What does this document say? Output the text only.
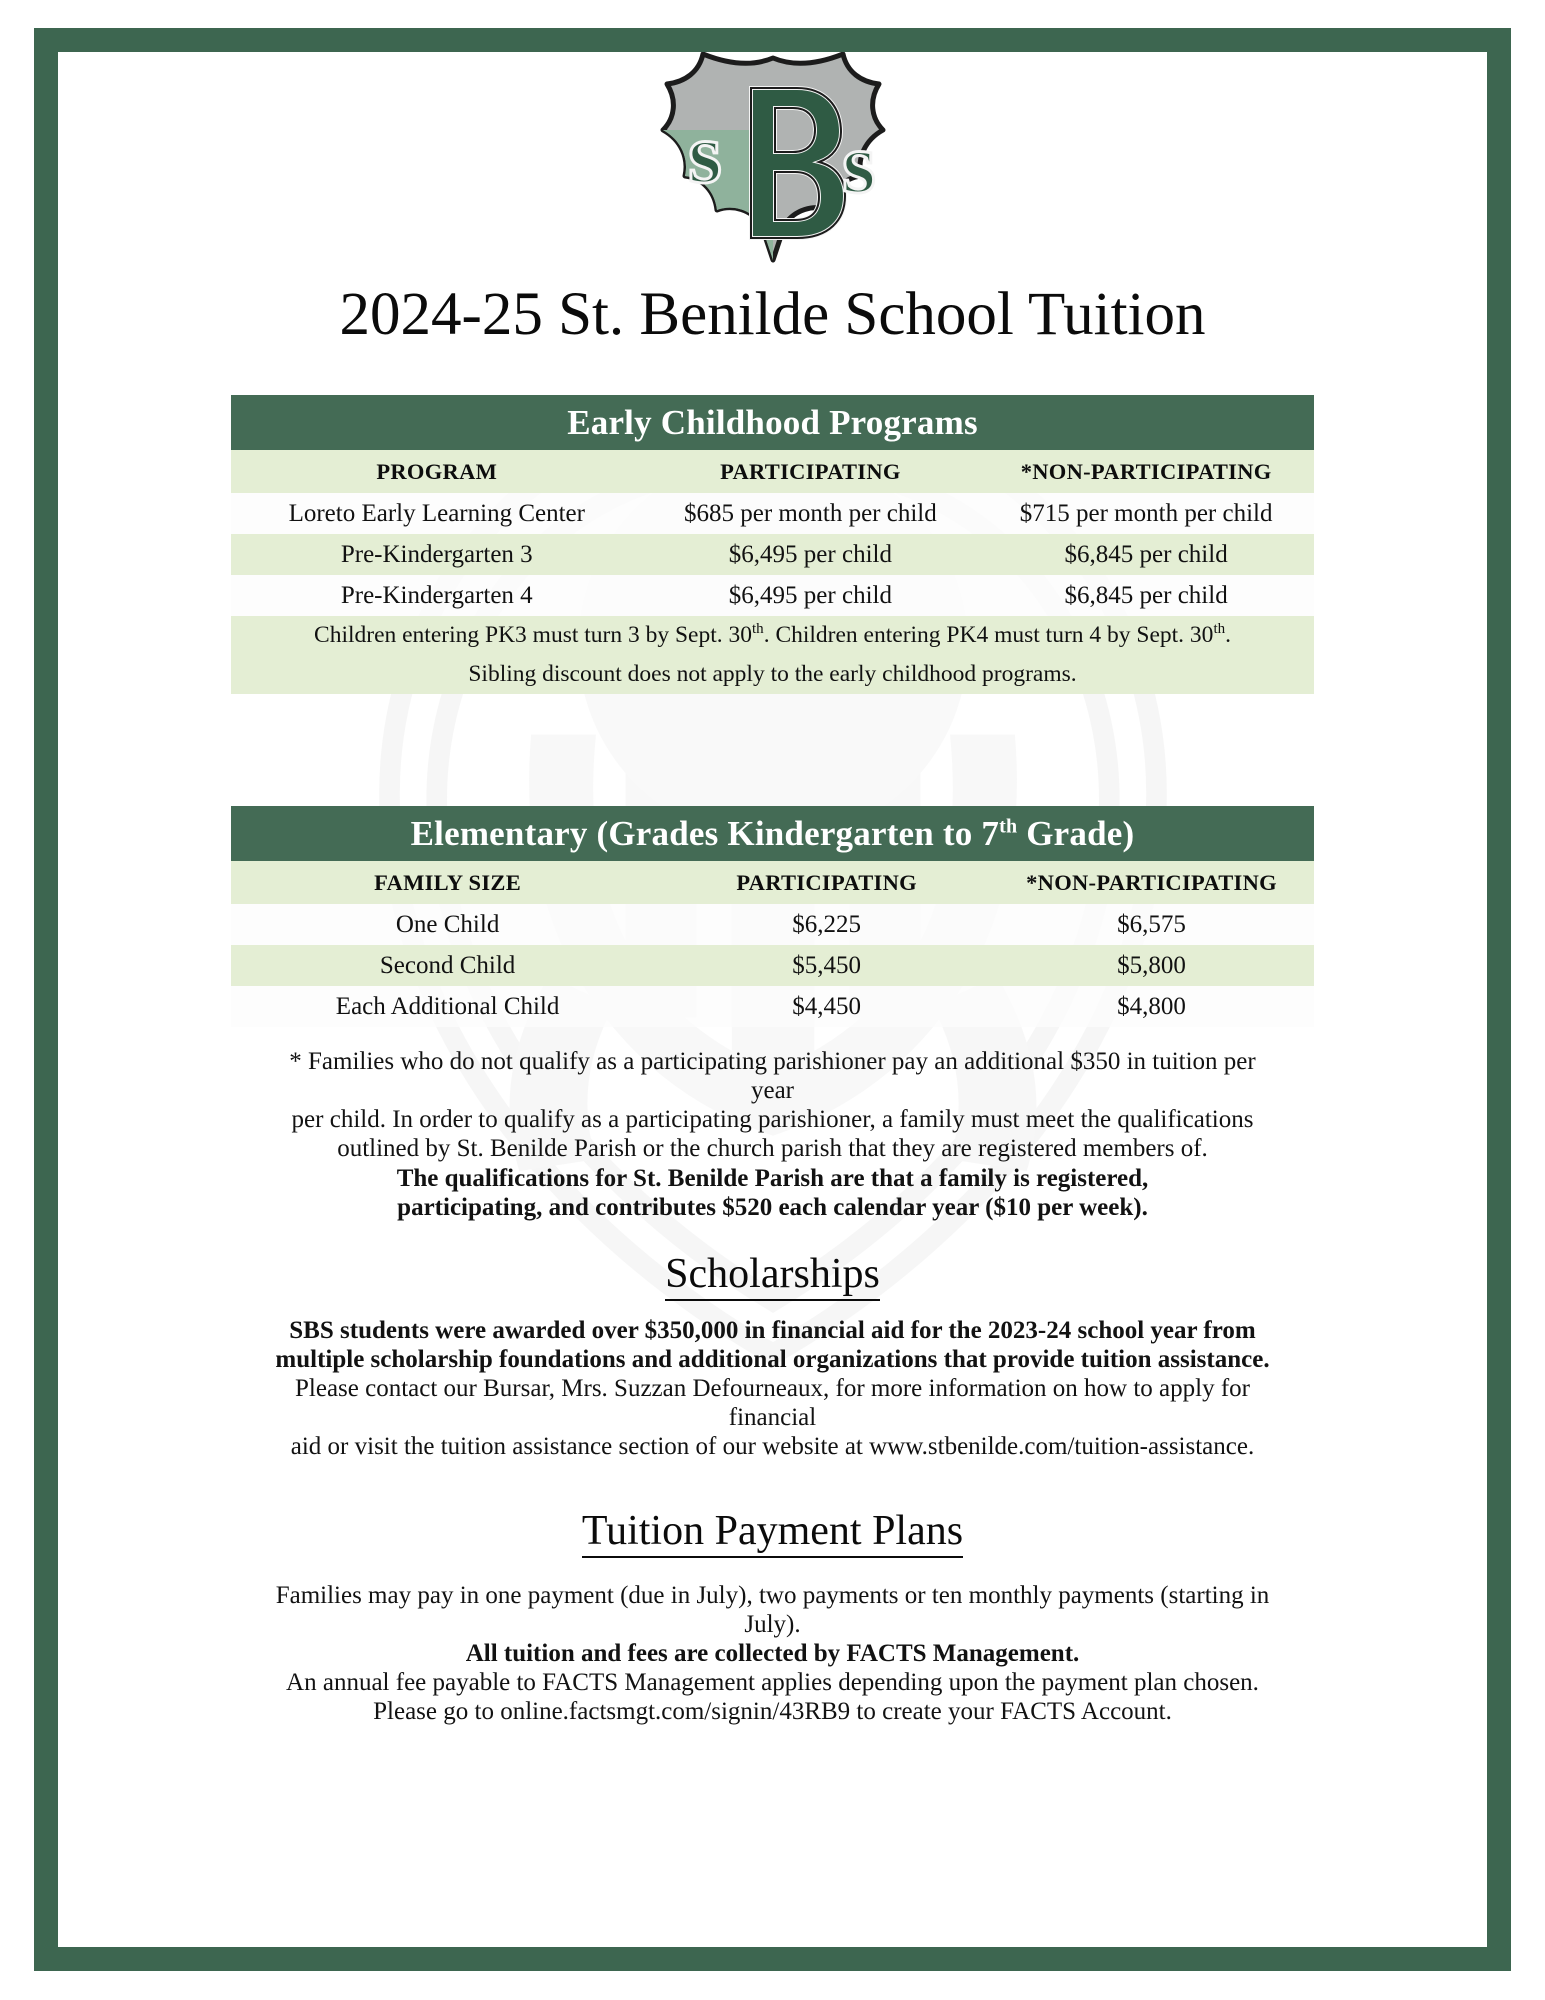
s s
2024-25 St. Benilde School Tuition
Early Childhood Programs		
PROGRAM	PARTICIPATING	*NON-PARTICIPATING
Loreto Early Learning Center	$685 per month per child	$715 per month per child
Pre-Kindergarten 3	$6,495 per child	$6,845 per child
Pre-Kindergarten 4	$6,495 per child	$6,845 per child
Children entering PK3 must turn 3 by Sept. 30th. Children entering PK4 must turn 4 by Sept. 30th.		
Sibling discount does not apply to the early childhood programs.		
Elementary (Grades Kindergarten to 7th Grade)		
FAMILY SIZE	PARTICIPATING	*NON-PARTICIPATING
One Child	$6,225	$6,575
Second Child	$5,450	$5,800
Each Additional Child	$4,450	$4,800
* Families who do not qualify as a participating parishioner pay an additional $350 in tuition per year
per child. In order to qualify as a participating parishioner, a family must meet the qualifications
outlined by St. Benilde Parish or the church parish that they are registered members of.
The qualifications for St. Benilde Parish are that a family is registered,
participating, and contributes $520 each calendar year ($10 per week).
Scholarships
SBS students were awarded over $350,000 in financial aid for the 2023-24 school year from
multiple scholarship foundations and additional organizations that provide tuition assistance.
Please contact our Bursar, Mrs. Suzzan Defourneaux, for more information on how to apply for financial
aid or visit the tuition assistance section of our website at www.stbenilde.com/tuition-assistance.
Tuition Payment Plans
Families may pay in one payment (due in July), two payments or ten monthly payments (starting in July).
All tuition and fees are collected by FACTS Management.
An annual fee payable to FACTS Management applies depending upon the payment plan chosen.
Please go to online.factsmgt.com/signin/43RB9 to create your FACTS Account.
